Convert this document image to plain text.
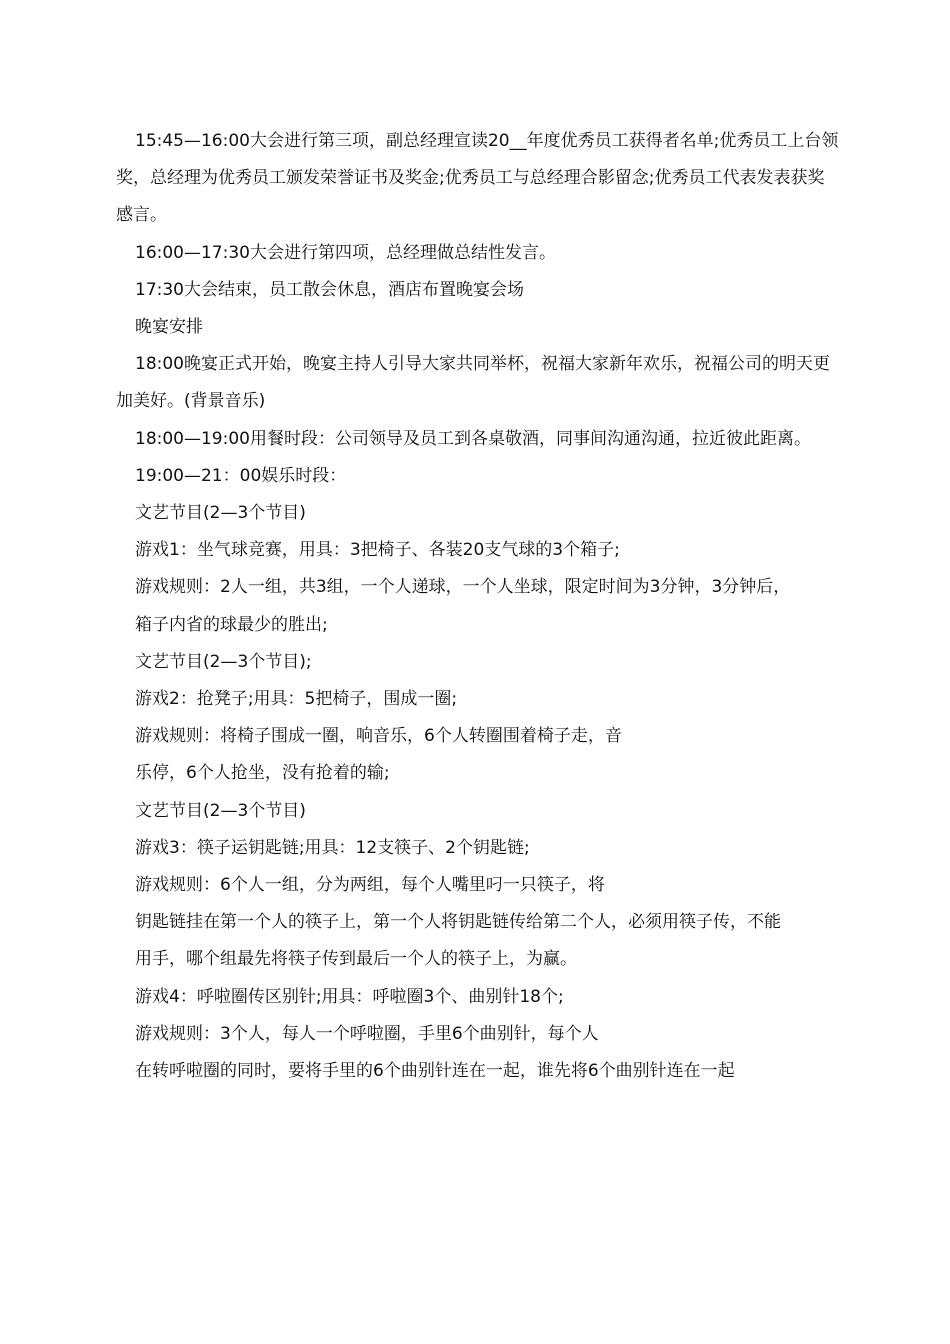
15:45—16:00大会进行第三项，副总经理宣读20__年度优秀员工获得者名单;优秀员工上台领奖，总经理为优秀员工颁发荣誉证书及奖金;优秀员工与总经理合影留念;优秀员工代表发表获奖感言。

16:00—17:30大会进行第四项，总经理做总结性发言。

17:30大会结束，员工散会休息，酒店布置晚宴会场

晚宴安排

18:00晚宴正式开始，晚宴主持人引导大家共同举杯，祝福大家新年欢乐，祝福公司的明天更加美好。(背景音乐)

18:00—19:00用餐时段：公司领导及员工到各桌敬酒，同事间沟通沟通，拉近彼此距离。

19:00—21：00娱乐时段：

文艺节目(2—3个节目)

游戏1：坐气球竞赛，用具：3把椅子、各装20支气球的3个箱子;

游戏规则：2人一组，共3组，一个人递球，一个人坐球，限定时间为3分钟，3分钟后，

箱子内省的球最少的胜出;

文艺节目(2—3个节目);

游戏2：抢凳子;用具：5把椅子，围成一圈;

游戏规则：将椅子围成一圈，响音乐，6个人转圈围着椅子走，音

乐停，6个人抢坐，没有抢着的输;

文艺节目(2—3个节目)

游戏3：筷子运钥匙链;用具：12支筷子、2个钥匙链;

游戏规则：6个人一组，分为两组，每个人嘴里叼一只筷子，将

钥匙链挂在第一个人的筷子上，第一个人将钥匙链传给第二个人，必须用筷子传，不能

用手，哪个组最先将筷子传到最后一个人的筷子上，为赢。

游戏4：呼啦圈传区别针;用具：呼啦圈3个、曲别针18个;

游戏规则：3个人，每人一个呼啦圈，手里6个曲别针，每个人

在转呼啦圈的同时，要将手里的6个曲别针连在一起，谁先将6个曲别针连在一起
